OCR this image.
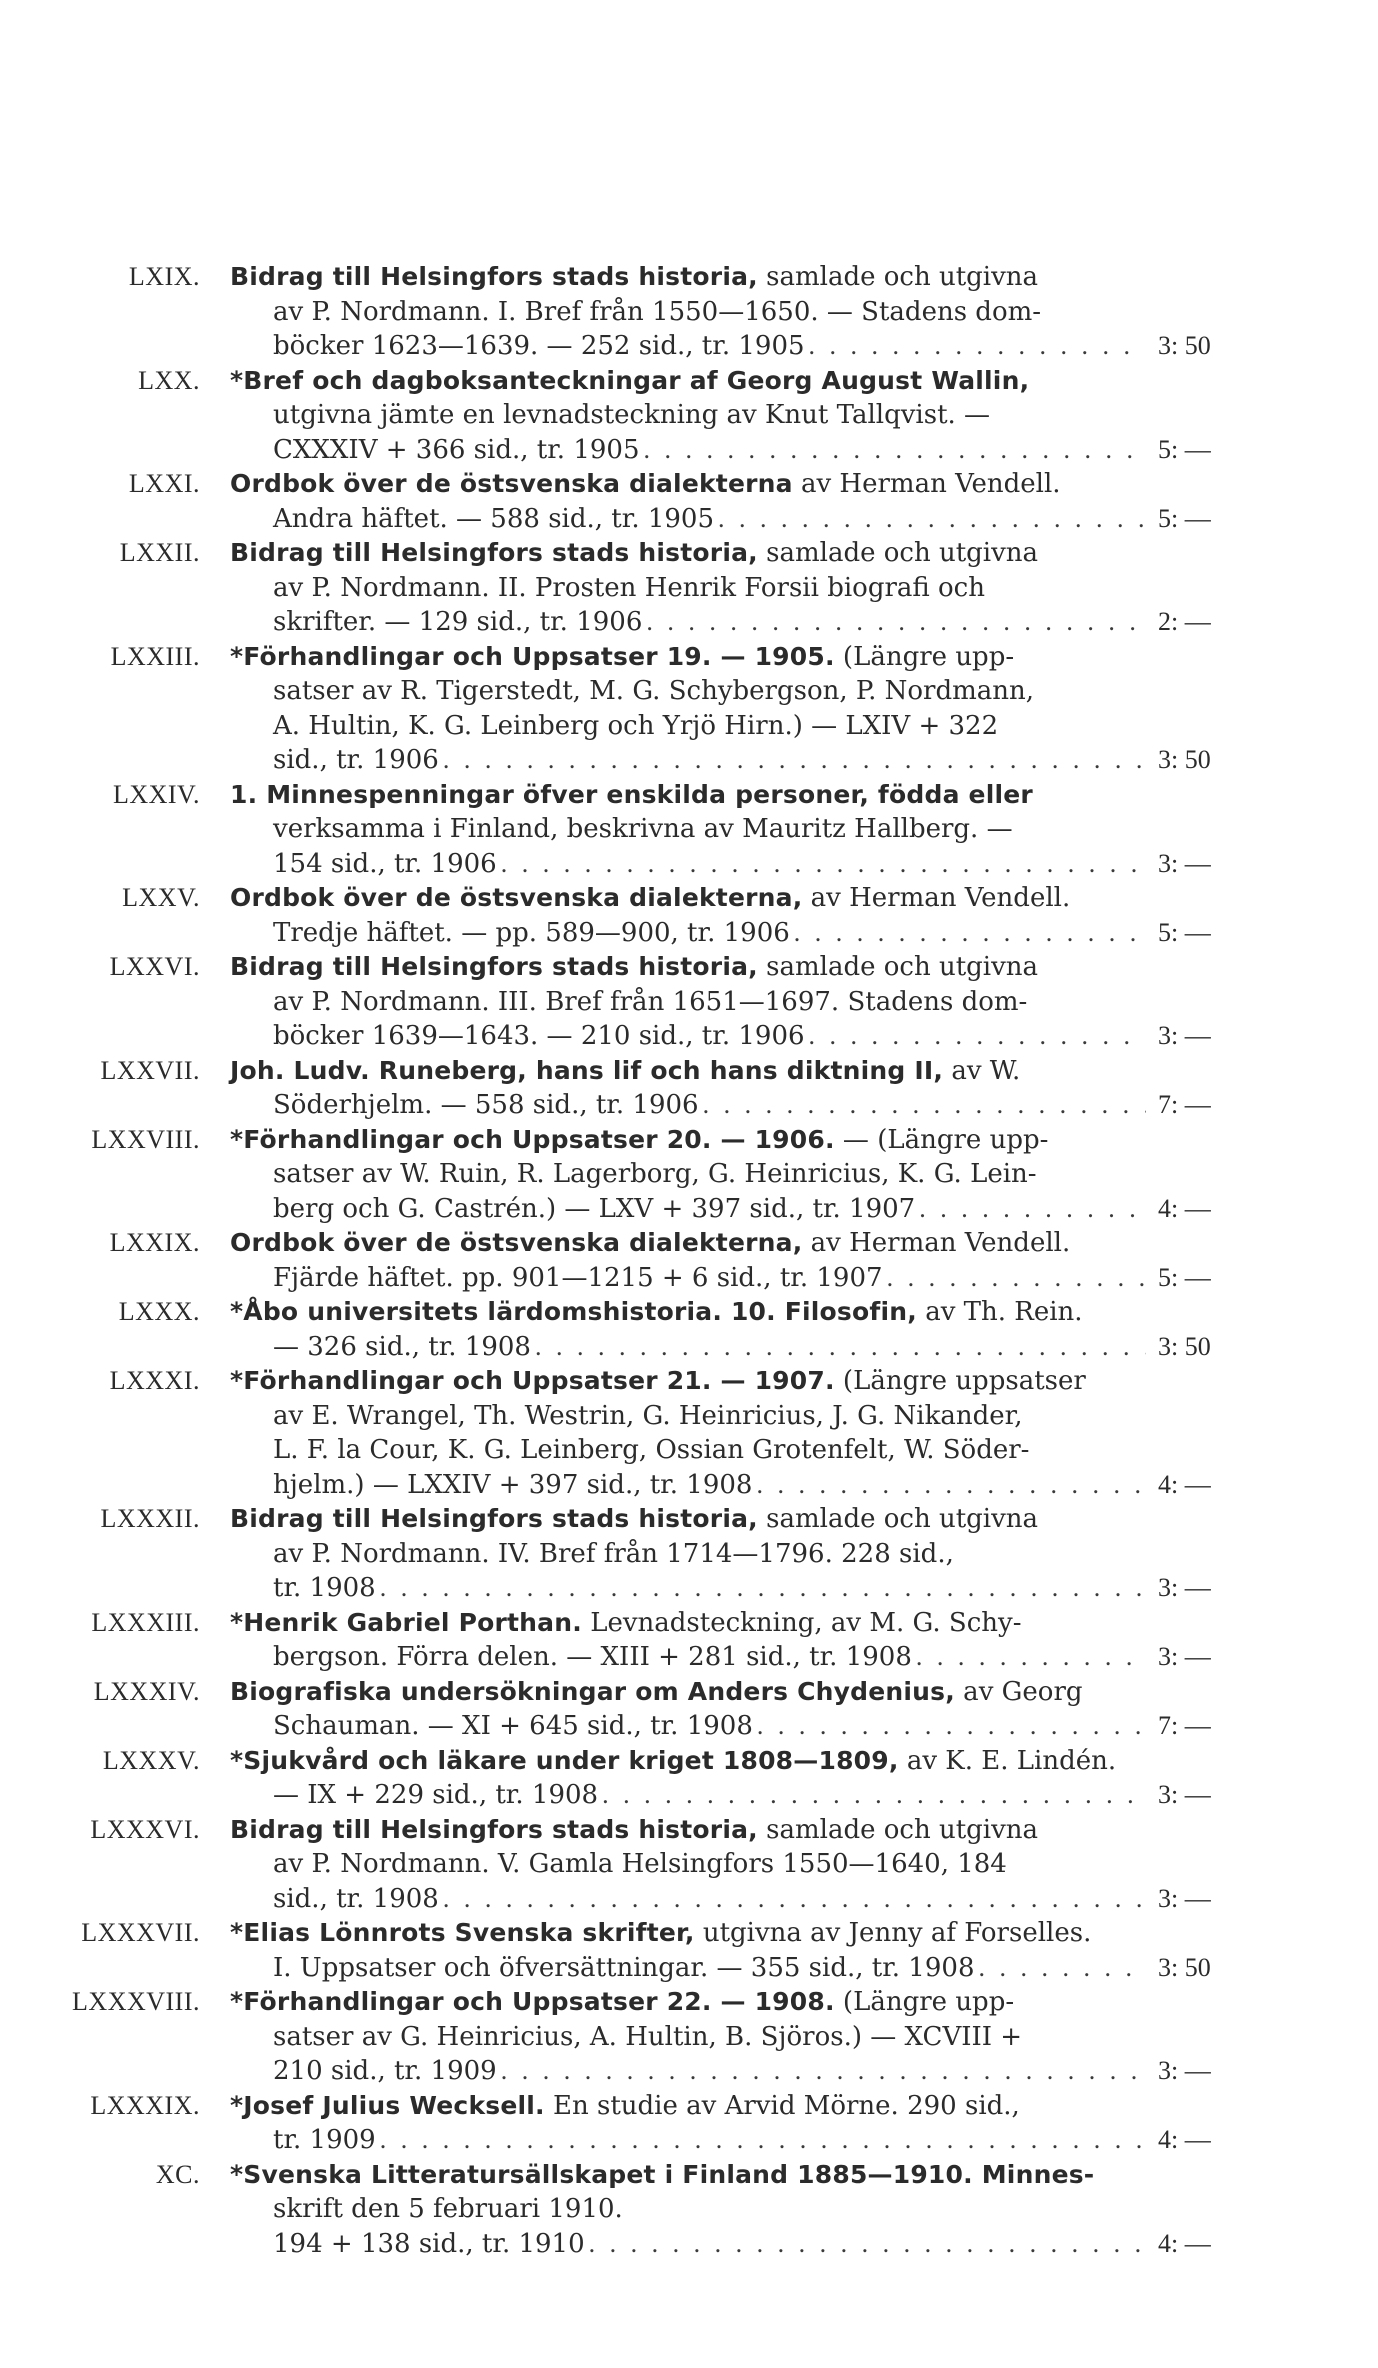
LXIX.	Bidrag till Helsingfors stads historia, samlade och utgivna
av P. Nordmann. I. Bref från 1550—1650. — Stadens dom-
böcker 1623—1639. — 252 sid., tr. 1905 . . .	3: 50
LXX.	*Bref och dagboksanteckningar af Georg August Wallin,
utgivna jämte en levnadsteckning av Knut Tallqvist. —
CXXXIV + 366 sid., tr. 1905 . . .	5: —
LXXI.	Ordbok över de östsvenska dialekterna av Herman Vendell.
Andra häftet. — 588 sid., tr. 1905 . . .	5: —
LXXII.	Bidrag till Helsingfors stads historia, samlade och utgivna
av P. Nordmann. II. Prosten Henrik Forsii biografi och
skrifter. — 129 sid., tr. 1906 . . .	2: —
LXXIII.	*Förhandlingar och Uppsatser 19. — 1905. (Längre upp-
satser av R. Tigerstedt, M. G. Schybergson, P. Nordmann,
A. Hultin, K. G. Leinberg och Yrjö Hirn.) — LXIV + 322
sid., tr. 1906 . . .	3: 50
LXXIV.	1. Minnespenningar öfver enskilda personer, födda eller
verksamma i Finland, beskrivna av Mauritz Hallberg. —
154 sid., tr. 1906 . . .	3: —
LXXV.	Ordbok över de östsvenska dialekterna, av Herman Vendell.
Tredje häftet. — pp. 589—900, tr. 1906 . . .	5: —
LXXVI.	Bidrag till Helsingfors stads historia, samlade och utgivna
av P. Nordmann. III. Bref från 1651—1697. Stadens dom-
böcker 1639—1643. — 210 sid., tr. 1906 . . .	3: —
LXXVII.	Joh. Ludv. Runeberg, hans lif och hans diktning II, av W.
Söderhjelm. — 558 sid., tr. 1906 . . .	7: —
LXXVIII.	*Förhandlingar och Uppsatser 20. — 1906. — (Längre upp-
satser av W. Ruin, R. Lagerborg, G. Heinricius, K. G. Lein-
berg och G. Castrén.) — LXV + 397 sid., tr. 1907 . . .	4: —
LXXIX.	Ordbok över de östsvenska dialekterna, av Herman Vendell.
Fjärde häftet. pp. 901—1215 + 6 sid., tr. 1907 . . .	5: —
LXXX.	*Åbo universitets lärdomshistoria. 10. Filosofin, av Th. Rein.
— 326 sid., tr. 1908 . . .	3: 50
LXXXI.	*Förhandlingar och Uppsatser 21. — 1907. (Längre uppsatser
av E. Wrangel, Th. Westrin, G. Heinricius, J. G. Nikander,
L. F. la Cour, K. G. Leinberg, Ossian Grotenfelt, W. Söder-
hjelm.) — LXXIV + 397 sid., tr. 1908 . . .	4: —
LXXXII.	Bidrag till Helsingfors stads historia, samlade och utgivna
av P. Nordmann. IV. Bref från 1714—1796. 228 sid.,
tr. 1908 . . .	3: —
LXXXIII.	*Henrik Gabriel Porthan. Levnadsteckning, av M. G. Schy-
bergson. Förra delen. — XIII + 281 sid., tr. 1908 . . .	3: —
LXXXIV.	Biografiska undersökningar om Anders Chydenius, av Georg
Schauman. — XI + 645 sid., tr. 1908 . . .	7: —
LXXXV.	*Sjukvård och läkare under kriget 1808—1809, av K. E. Lindén.
— IX + 229 sid., tr. 1908 . . .	3: —
LXXXVI.	Bidrag till Helsingfors stads historia, samlade och utgivna
av P. Nordmann. V. Gamla Helsingfors 1550—1640, 184
sid., tr. 1908 . . .	3: —
LXXXVII.	*Elias Lönnrots Svenska skrifter, utgivna av Jenny af Forselles.
I. Uppsatser och öfversättningar. — 355 sid., tr. 1908 . . .	3: 50
LXXXVIII.	*Förhandlingar och Uppsatser 22. — 1908. (Längre upp-
satser av G. Heinricius, A. Hultin, B. Sjöros.) — XCVIII +
210 sid., tr. 1909 . . .	3: —
LXXXIX.	*Josef Julius Wecksell. En studie av Arvid Mörne. 290 sid.,
tr. 1909 . . .	4: —
XC.	*Svenska Litteratursällskapet i Finland 1885—1910. Minnes-
skrift den 5 februari 1910.
194 + 138 sid., tr. 1910 . . .	4: —
